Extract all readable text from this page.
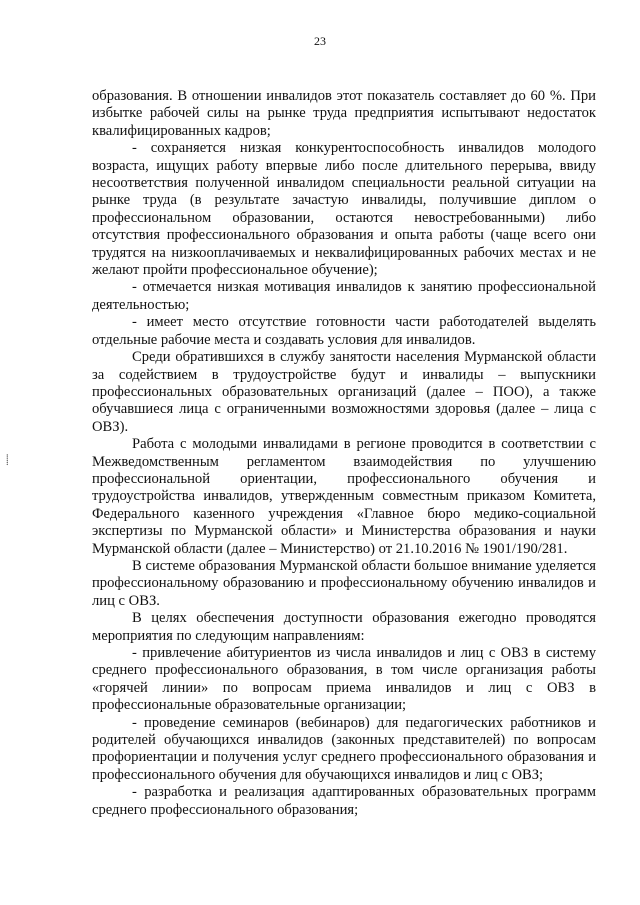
23
⸽

образования. В отношении инвалидов этот показатель составляет до 60 %. При избытке рабочей силы на рынке труда предприятия испытывают недостаток квалифицированных кадров;

- сохраняется низкая конкурентоспособность инвалидов молодого возраста, ищущих работу впервые либо после длительного перерыва, ввиду несоответствия полученной инвалидом специальности реальной ситуации на рынке труда (в результате зачастую инвалиды, получившие диплом о профессиональном образовании, остаются невостребованными) либо отсутствия профессионального образования и опыта работы (чаще всего они трудятся на низкооплачиваемых и неквалифицированных рабочих местах и не желают пройти профессиональное обучение);

- отмечается низкая мотивация инвалидов к занятию профессиональной деятельностью;

- имеет место отсутствие готовности части работодателей выделять отдельные рабочие места и создавать условия для инвалидов.

Среди обратившихся в службу занятости населения Мурманской области за содействием в трудоустройстве будут и инвалиды – выпускники профессиональных образовательных организаций (далее – ПОО), а также обучавшиеся лица с ограниченными возможностями здоровья (далее – лица с ОВЗ).

Работа с молодыми инвалидами в регионе проводится в соответствии с Межведомственным регламентом взаимодействия по улучшению профессиональной ориентации, профессионального обучения и трудоустройства инвалидов, утвержденным совместным приказом Комитета, Федерального казенного учреждения «Главное бюро медико-социальной экспертизы по Мурманской области» и Министерства образования и науки Мурманской области (далее – Министерство) от 21.10.2016 № 1901/190/281.

В системе образования Мурманской области большое внимание уделяется профессиональному образованию и профессиональному обучению инвалидов и лиц с ОВЗ.

В целях обеспечения доступности образования ежегодно проводятся мероприятия по следующим направлениям:

- привлечение абитуриентов из числа инвалидов и лиц с ОВЗ в систему среднего профессионального образования, в том числе организация работы «горячей линии» по вопросам приема инвалидов и лиц с ОВЗ в профессиональные образовательные организации;

- проведение семинаров (вебинаров) для педагогических работников и родителей обучающихся инвалидов (законных представителей) по вопросам профориентации и получения услуг среднего профессионального образования и профессионального обучения для обучающихся инвалидов и лиц с ОВЗ;

- разработка и реализация адаптированных образовательных программ среднего профессионального образования;
